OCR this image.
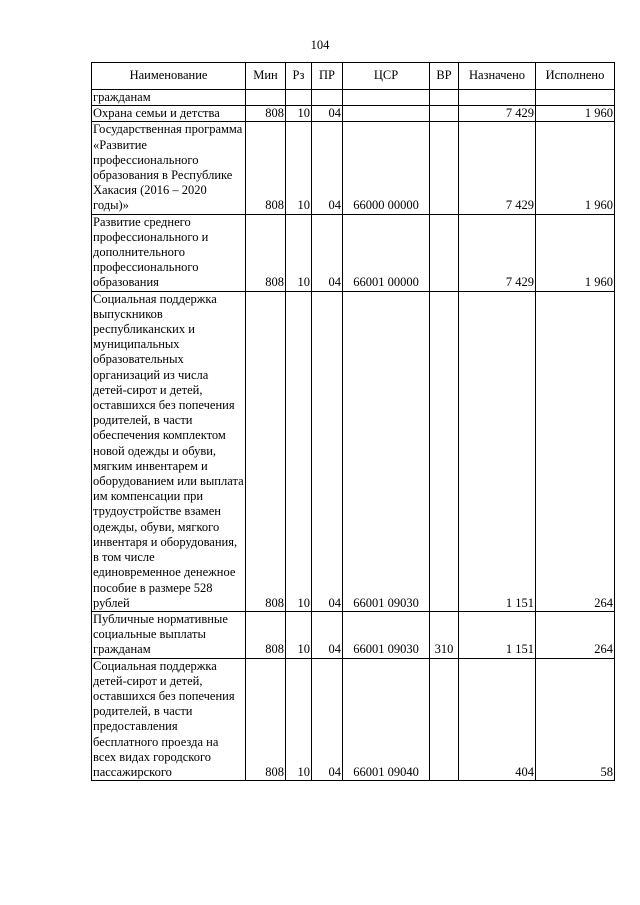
104
Наименование	Мин	Рз	ПР	ЦСР	ВР	Назначено	Исполнено
гражданам							
Охрана семьи и детства	808	10	04			7 429	1 960
Государственная программа «Развитие профессионального образования в Республике Хакасия (2016 – 2020 годы)»	808	10	04	66000 00000		7 429	1 960
Развитие среднего профессионального и дополнительного профессионального образования	808	10	04	66001 00000		7 429	1 960
Социальная поддержка выпускников республиканских и муниципальных образовательных организаций из числа детей-сирот и детей, оставшихся без попечения родителей, в части обеспечения комплектом новой одежды и обуви, мягким инвентарем и оборудованием или выплата им компенсации при трудоустройстве взамен одежды, обуви, мягкого инвентаря и оборудования, в том числе единовременное денежное пособие в размере 528 рублей	808	10	04	66001 09030		1 151	264
Публичные нормативные социальные выплаты гражданам	808	10	04	66001 09030	310	1 151	264
Социальная поддержка детей-сирот и детей, оставшихся без попечения родителей, в части предоставления бесплатного проезда на всех видах городского пассажирского	808	10	04	66001 09040		404	58
